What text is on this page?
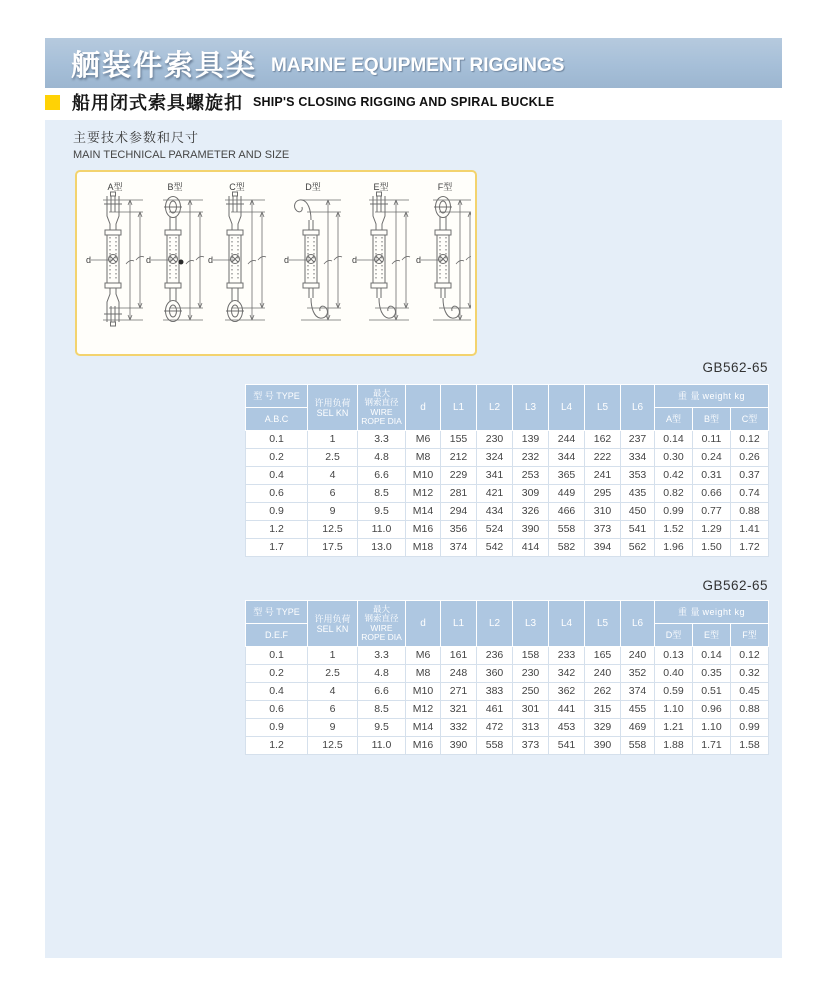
舾装件索具类 MARINE EQUIPMENT RIGGINGS
船用闭式索具螺旋扣 SHIP'S CLOSING RIGGING AND SPIRAL BUCKLE
主要技术参数和尺寸
MAIN TECHNICAL PARAMETER AND SIZE
A型
d
B型
d
C型
d
D型
d
E型
d
F型
d
GB562-65
型 号 TYPE	许用负荷
SEL KN	最大
钢索直径
WIRE
ROPE DIA	d	L1	L2	L3	L4	L5	L6	重 量 weight kg		
A.B.C										A型	B型	C型
0.1	1	3.3	M6	155	230	139	244	162	237	0.14	0.11	0.12
0.2	2.5	4.8	M8	212	324	232	344	222	334	0.30	0.24	0.26
0.4	4	6.6	M10	229	341	253	365	241	353	0.42	0.31	0.37
0.6	6	8.5	M12	281	421	309	449	295	435	0.82	0.66	0.74
0.9	9	9.5	M14	294	434	326	466	310	450	0.99	0.77	0.88
1.2	12.5	11.0	M16	356	524	390	558	373	541	1.52	1.29	1.41
1.7	17.5	13.0	M18	374	542	414	582	394	562	1.96	1.50	1.72
GB562-65
型 号 TYPE	许用负荷
SEL KN	最大
钢索直径
WIRE
ROPE DIA	d	L1	L2	L3	L4	L5	L6	重 量 weight kg		
D.E.F										D型	E型	F型
0.1	1	3.3	M6	161	236	158	233	165	240	0.13	0.14	0.12
0.2	2.5	4.8	M8	248	360	230	342	240	352	0.40	0.35	0.32
0.4	4	6.6	M10	271	383	250	362	262	374	0.59	0.51	0.45
0.6	6	8.5	M12	321	461	301	441	315	455	1.10	0.96	0.88
0.9	9	9.5	M14	332	472	313	453	329	469	1.21	1.10	0.99
1.2	12.5	11.0	M16	390	558	373	541	390	558	1.88	1.71	1.58
